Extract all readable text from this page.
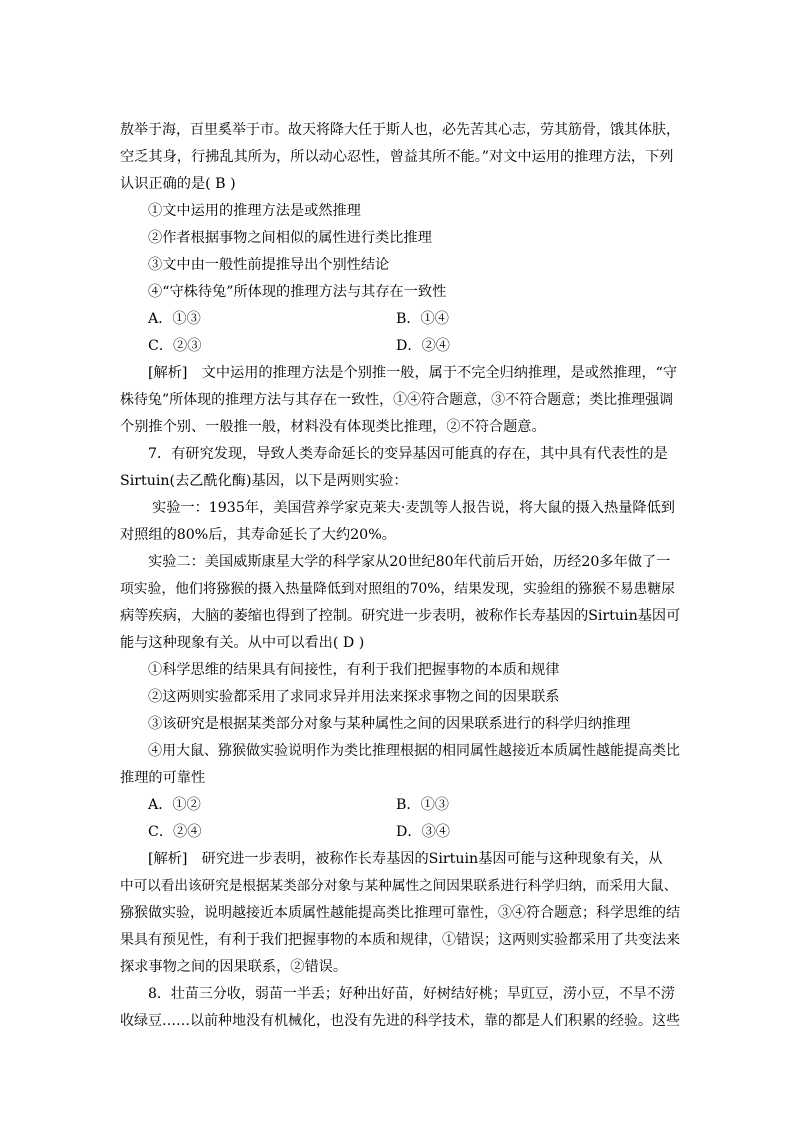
敖举于海，百里奚举于市。故天将降大任于斯人也，必先苦其心志，劳其筋骨，饿其体肤，
空乏其身，行拂乱其所为，所以动心忍性，曾益其所不能。”对文中运用的推理方法，下列
认识正确的是( B )
①文中运用的推理方法是或然推理
②作者根据事物之间相似的属性进行类比推理
③文中由一般性前提推导出个别性结论
④“守株待兔”所体现的推理方法与其存在一致性
A．①③	B．①④
C．②③	D．②④
[解析]　文中运用的推理方法是个别推一般，属于不完全归纳推理，是或然推理，“守
株待兔”所体现的推理方法与其存在一致性，①④符合题意，③不符合题意；类比推理强调
个别推个别、一般推一般，材料没有体现类比推理，②不符合题意。
7．有研究发现，导致人类寿命延长的变异基因可能真的存在，其中具有代表性的是
Sirtuin(去乙酰化酶)基因，以下是两则实验：
实验一：1935年，美国营养学家克莱夫·麦凯等人报告说，将大鼠的摄入热量降低到
对照组的80%后，其寿命延长了大约20%。
实验二：美国威斯康星大学的科学家从20世纪80年代前后开始，历经20多年做了一
项实验，他们将猕猴的摄入热量降低到对照组的70%，结果发现，实验组的猕猴不易患糖尿
病等疾病，大脑的萎缩也得到了控制。研究进一步表明，被称作长寿基因的Sirtuin基因可
能与这种现象有关。从中可以看出( D )
①科学思维的结果具有间接性，有利于我们把握事物的本质和规律
②这两则实验都采用了求同求异并用法来探求事物之间的因果联系
③该研究是根据某类部分对象与某种属性之间的因果联系进行的科学归纳推理
④用大鼠、猕猴做实验说明作为类比推理根据的相同属性越接近本质属性越能提高类比
推理的可靠性
A．①②	B．①③
C．②④	D．③④
[解析]　研究进一步表明，被称作长寿基因的Sirtuin基因可能与这种现象有关，从
中可以看出该研究是根据某类部分对象与某种属性之间因果联系进行科学归纳，而采用大鼠、
猕猴做实验，说明越接近本质属性越能提高类比推理可靠性，③④符合题意；科学思维的结
果具有预见性，有利于我们把握事物的本质和规律，①错误；这两则实验都采用了共变法来
探求事物之间的因果联系，②错误。
8．壮苗三分收，弱苗一半丢；好种出好苗，好树结好桃；旱豇豆，涝小豆，不旱不涝
收绿豆……以前种地没有机械化，也没有先进的科学技术，靠的都是人们积累的经验。这些
